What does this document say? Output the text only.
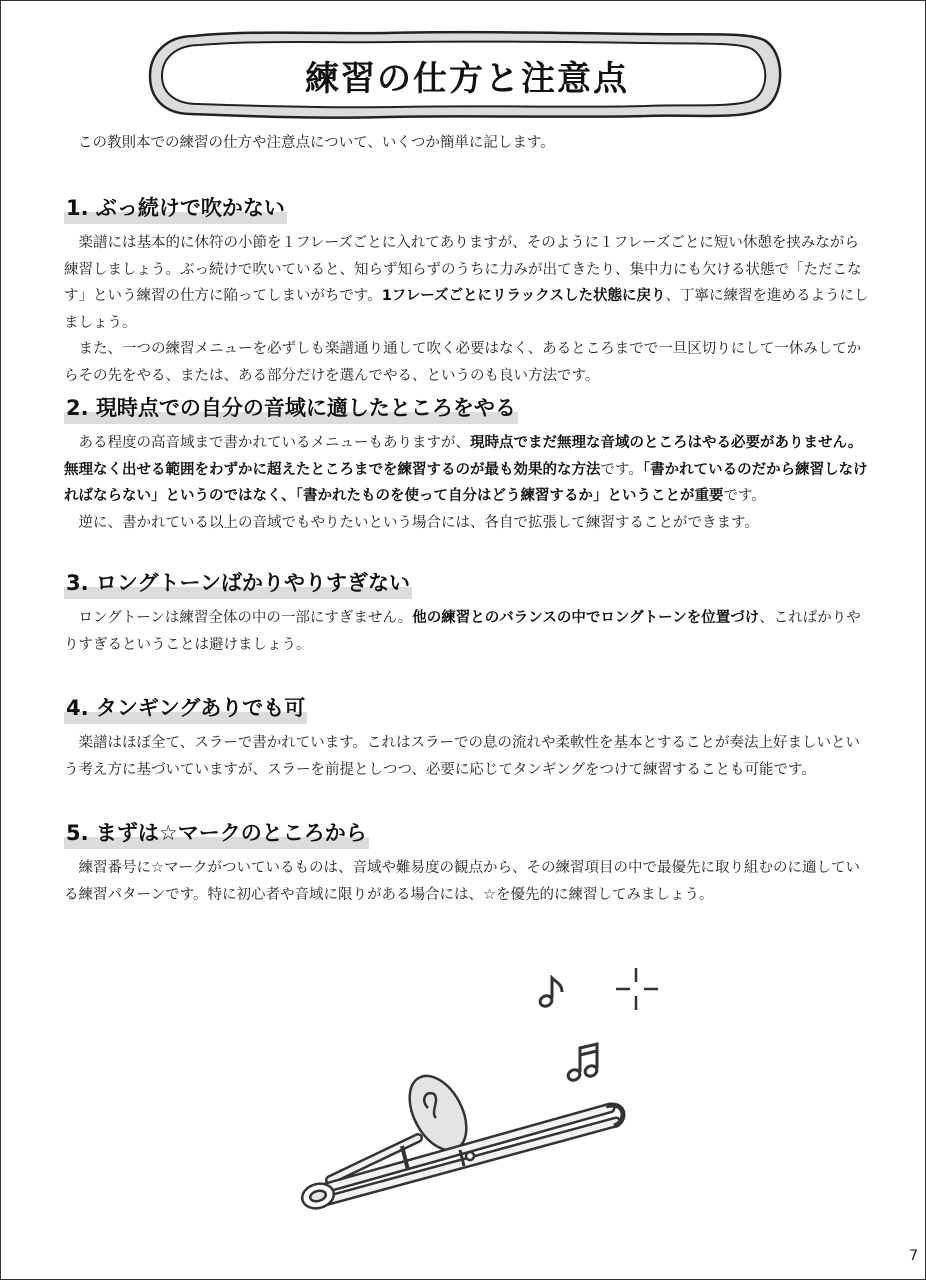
練習の仕方と注意点
この教則本での練習の仕方や注意点について、いくつか簡単に記します。
1. ぶっ続けで吹かない

楽譜には基本的に休符の小節を１フレーズごとに入れてありますが、そのように１フレーズごとに短い休憩を挟みながら練習しましょう。ぶっ続けで吹いていると、知らず知らずのうちに力みが出てきたり、集中力にも欠ける状態で「ただこなす」という練習の仕方に陥ってしまいがちです。1フレーズごとにリラックスした状態に戻り、丁寧に練習を進めるようにしましょう。

また、一つの練習メニューを必ずしも楽譜通り通して吹く必要はなく、あるところまでで一旦区切りにして一休みしてからその先をやる、または、ある部分だけを選んでやる、というのも良い方法です。

2. 現時点での自分の音域に適したところをやる

ある程度の高音域まで書かれているメニューもありますが、現時点でまだ無理な音域のところはやる必要がありません。無理なく出せる範囲をわずかに超えたところまでを練習するのが最も効果的な方法です。「書かれているのだから練習しなければならない」というのではなく、「書かれたものを使って自分はどう練習するか」ということが重要です。

逆に、書かれている以上の音域でもやりたいという場合には、各自で拡張して練習することができます。

3. ロングトーンばかりやりすぎない

ロングトーンは練習全体の中の一部にすぎません。他の練習とのバランスの中でロングトーンを位置づけ、こればかりやりすぎるということは避けましょう。

4. タンギングありでも可

楽譜はほぼ全て、スラーで書かれています。これはスラーでの息の流れや柔軟性を基本とすることが奏法上好ましいという考え方に基づいていますが、スラーを前提としつつ、必要に応じてタンギングをつけて練習することも可能です。

5. まずは☆マークのところから

練習番号に☆マークがついているものは、音域や難易度の観点から、その練習項目の中で最優先に取り組むのに適している練習パターンです。特に初心者や音域に限りがある場合には、☆を優先的に練習してみましょう。

7
